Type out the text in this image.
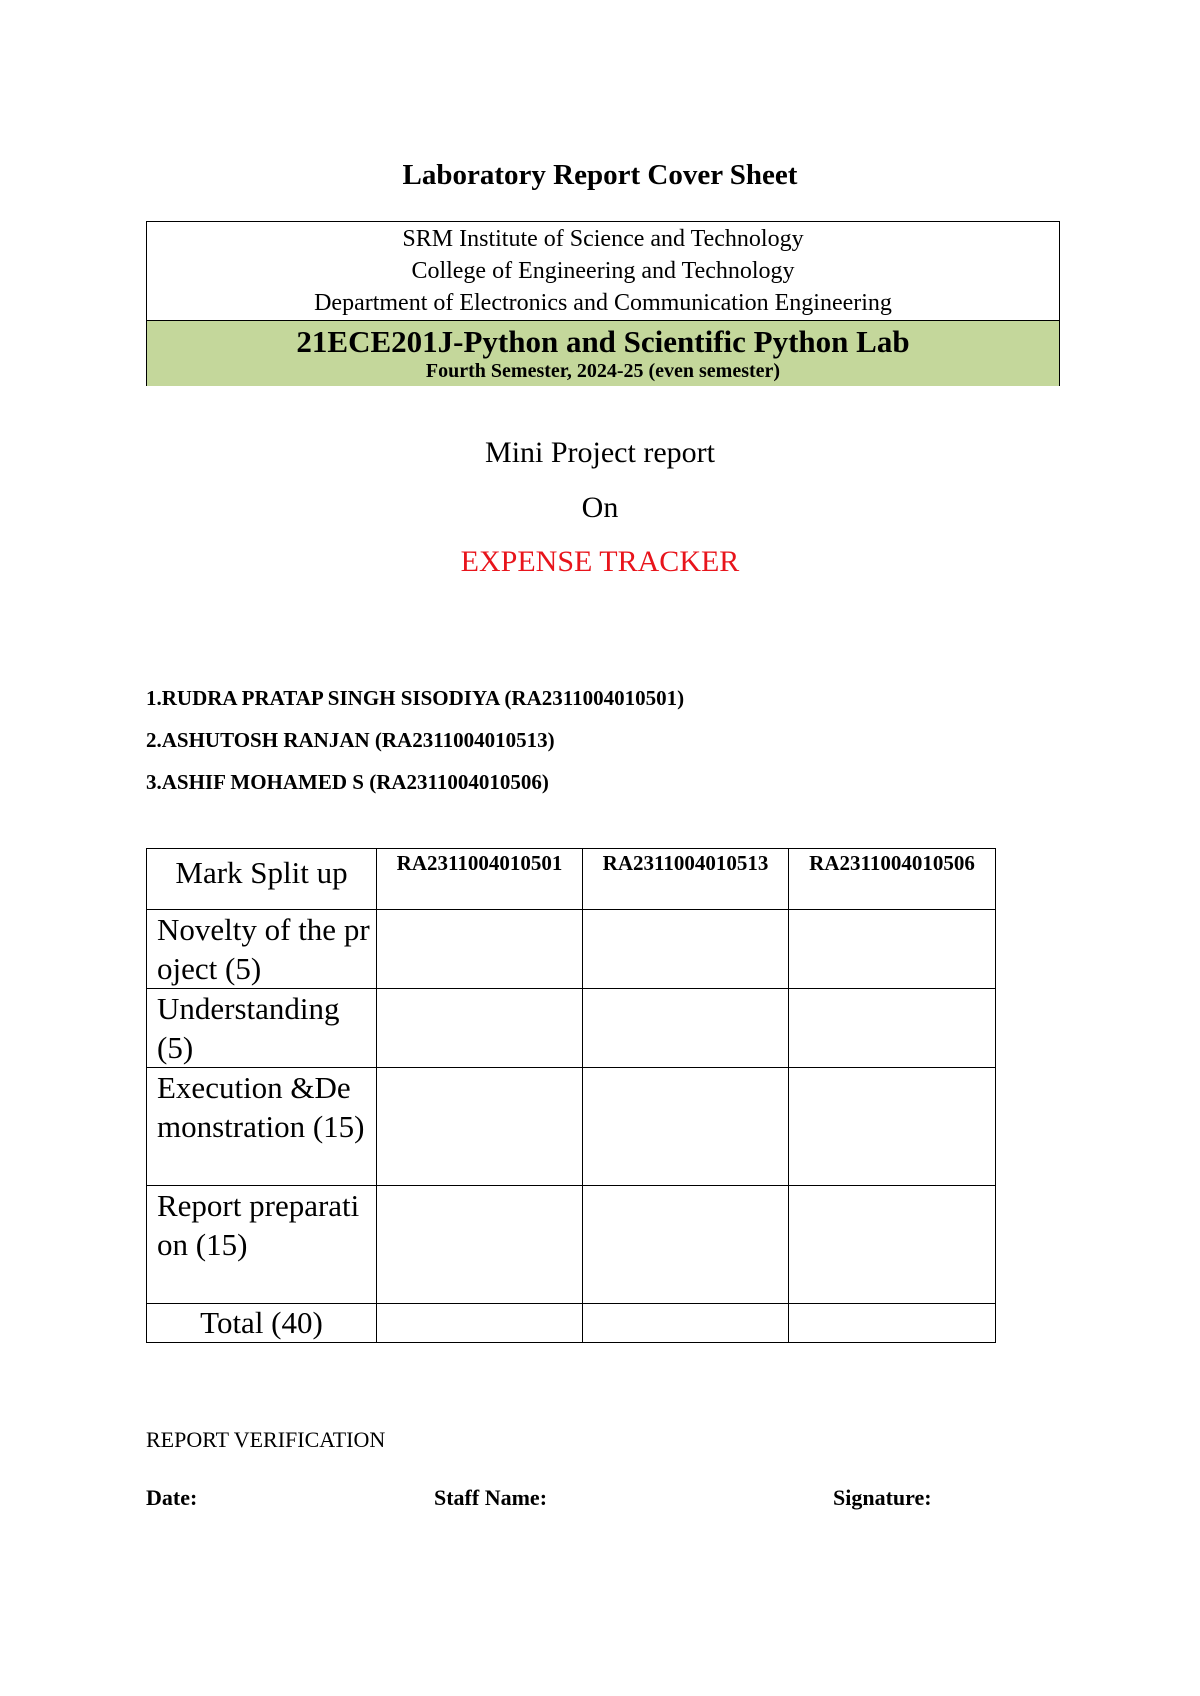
Laboratory Report Cover Sheet
SRM Institute of Science and Technology
College of Engineering and Technology
Department of Electronics and Communication Engineering
21ECE201J-Python and Scientific Python Lab
Fourth Semester, 2024-25 (even semester)
Mini Project report
On
EXPENSE TRACKER
1.RUDRA PRATAP SINGH SISODIYA (RA2311004010501)
2.ASHUTOSH RANJAN (RA2311004010513)
3.ASHIF MOHAMED S (RA2311004010506)
Mark Split up	RA2311004010501	RA2311004010513	RA2311004010506
Novelty of the project (5)			
Understanding (5)			
Execution &Demonstration (15)			
Report preparation (15)			
Total (40)			
REPORT VERIFICATION
Date:	Staff Name:	Signature:
